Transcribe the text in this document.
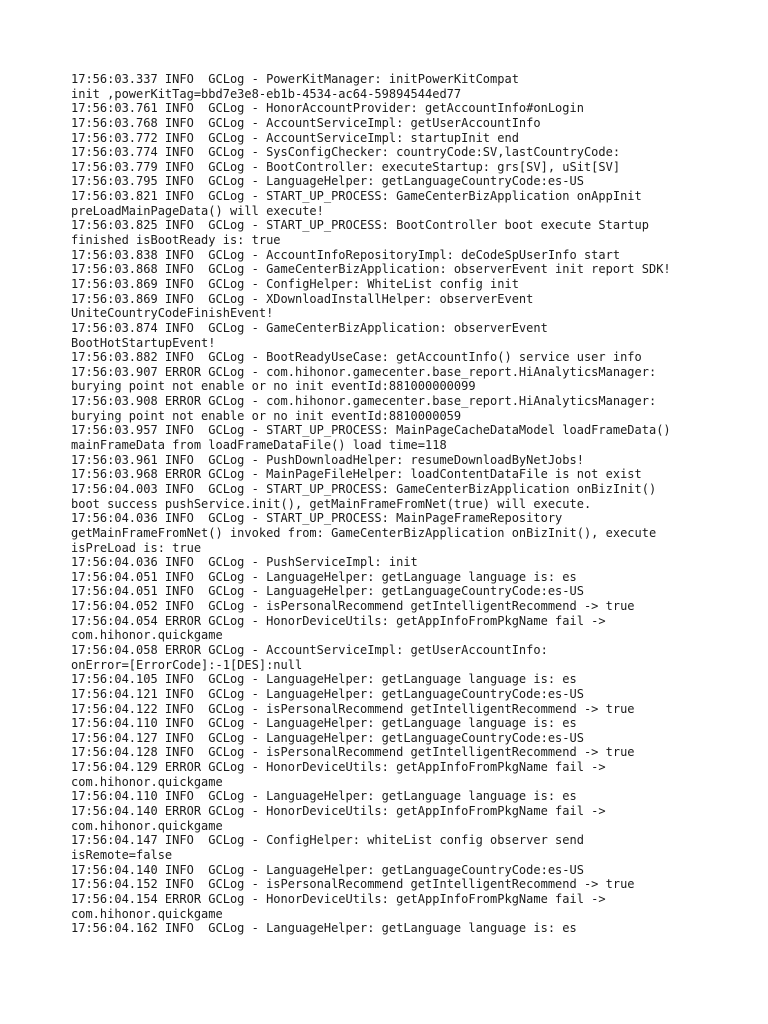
17:56:03.337 INFO  GCLog - PowerKitManager: initPowerKitCompat
init ,powerKitTag=bbd7e3e8-eb1b-4534-ac64-59894544ed77
17:56:03.761 INFO  GCLog - HonorAccountProvider: getAccountInfo#onLogin
17:56:03.768 INFO  GCLog - AccountServiceImpl: getUserAccountInfo
17:56:03.772 INFO  GCLog - AccountServiceImpl: startupInit end
17:56:03.774 INFO  GCLog - SysConfigChecker: countryCode:SV,lastCountryCode:
17:56:03.779 INFO  GCLog - BootController: executeStartup: grs[SV], uSit[SV]
17:56:03.795 INFO  GCLog - LanguageHelper: getLanguageCountryCode:es-US
17:56:03.821 INFO  GCLog - START_UP_PROCESS: GameCenterBizApplication onAppInit
preLoadMainPageData() will execute!
17:56:03.825 INFO  GCLog - START_UP_PROCESS: BootController boot execute Startup
finished isBootReady is: true
17:56:03.838 INFO  GCLog - AccountInfoRepositoryImpl: deCodeSpUserInfo start
17:56:03.868 INFO  GCLog - GameCenterBizApplication: observerEvent init report SDK!
17:56:03.869 INFO  GCLog - ConfigHelper: WhiteList config init
17:56:03.869 INFO  GCLog - XDownloadInstallHelper: observerEvent
UniteCountryCodeFinishEvent!
17:56:03.874 INFO  GCLog - GameCenterBizApplication: observerEvent
BootHotStartupEvent!
17:56:03.882 INFO  GCLog - BootReadyUseCase: getAccountInfo() service user info
17:56:03.907 ERROR GCLog - com.hihonor.gamecenter.base_report.HiAnalyticsManager:
burying point not enable or no init eventId:881000000099
17:56:03.908 ERROR GCLog - com.hihonor.gamecenter.base_report.HiAnalyticsManager:
burying point not enable or no init eventId:8810000059
17:56:03.957 INFO  GCLog - START_UP_PROCESS: MainPageCacheDataModel loadFrameData()
mainFrameData from loadFrameDataFile() load time=118
17:56:03.961 INFO  GCLog - PushDownloadHelper: resumeDownloadByNetJobs!
17:56:03.968 ERROR GCLog - MainPageFileHelper: loadContentDataFile is not exist
17:56:04.003 INFO  GCLog - START_UP_PROCESS: GameCenterBizApplication onBizInit()
boot success pushService.init(), getMainFrameFromNet(true) will execute.
17:56:04.036 INFO  GCLog - START_UP_PROCESS: MainPageFrameRepository
getMainFrameFromNet() invoked from: GameCenterBizApplication onBizInit(), execute
isPreLoad is: true
17:56:04.036 INFO  GCLog - PushServiceImpl: init
17:56:04.051 INFO  GCLog - LanguageHelper: getLanguage language is: es
17:56:04.051 INFO  GCLog - LanguageHelper: getLanguageCountryCode:es-US
17:56:04.052 INFO  GCLog - isPersonalRecommend getIntelligentRecommend -> true
17:56:04.054 ERROR GCLog - HonorDeviceUtils: getAppInfoFromPkgName fail ->
com.hihonor.quickgame
17:56:04.058 ERROR GCLog - AccountServiceImpl: getUserAccountInfo:
onError=[ErrorCode]:-1[DES]:null
17:56:04.105 INFO  GCLog - LanguageHelper: getLanguage language is: es
17:56:04.121 INFO  GCLog - LanguageHelper: getLanguageCountryCode:es-US
17:56:04.122 INFO  GCLog - isPersonalRecommend getIntelligentRecommend -> true
17:56:04.110 INFO  GCLog - LanguageHelper: getLanguage language is: es
17:56:04.127 INFO  GCLog - LanguageHelper: getLanguageCountryCode:es-US
17:56:04.128 INFO  GCLog - isPersonalRecommend getIntelligentRecommend -> true
17:56:04.129 ERROR GCLog - HonorDeviceUtils: getAppInfoFromPkgName fail ->
com.hihonor.quickgame
17:56:04.110 INFO  GCLog - LanguageHelper: getLanguage language is: es
17:56:04.140 ERROR GCLog - HonorDeviceUtils: getAppInfoFromPkgName fail ->
com.hihonor.quickgame
17:56:04.147 INFO  GCLog - ConfigHelper: whiteList config observer send
isRemote=false
17:56:04.140 INFO  GCLog - LanguageHelper: getLanguageCountryCode:es-US
17:56:04.152 INFO  GCLog - isPersonalRecommend getIntelligentRecommend -> true
17:56:04.154 ERROR GCLog - HonorDeviceUtils: getAppInfoFromPkgName fail ->
com.hihonor.quickgame
17:56:04.162 INFO  GCLog - LanguageHelper: getLanguage language is: es
